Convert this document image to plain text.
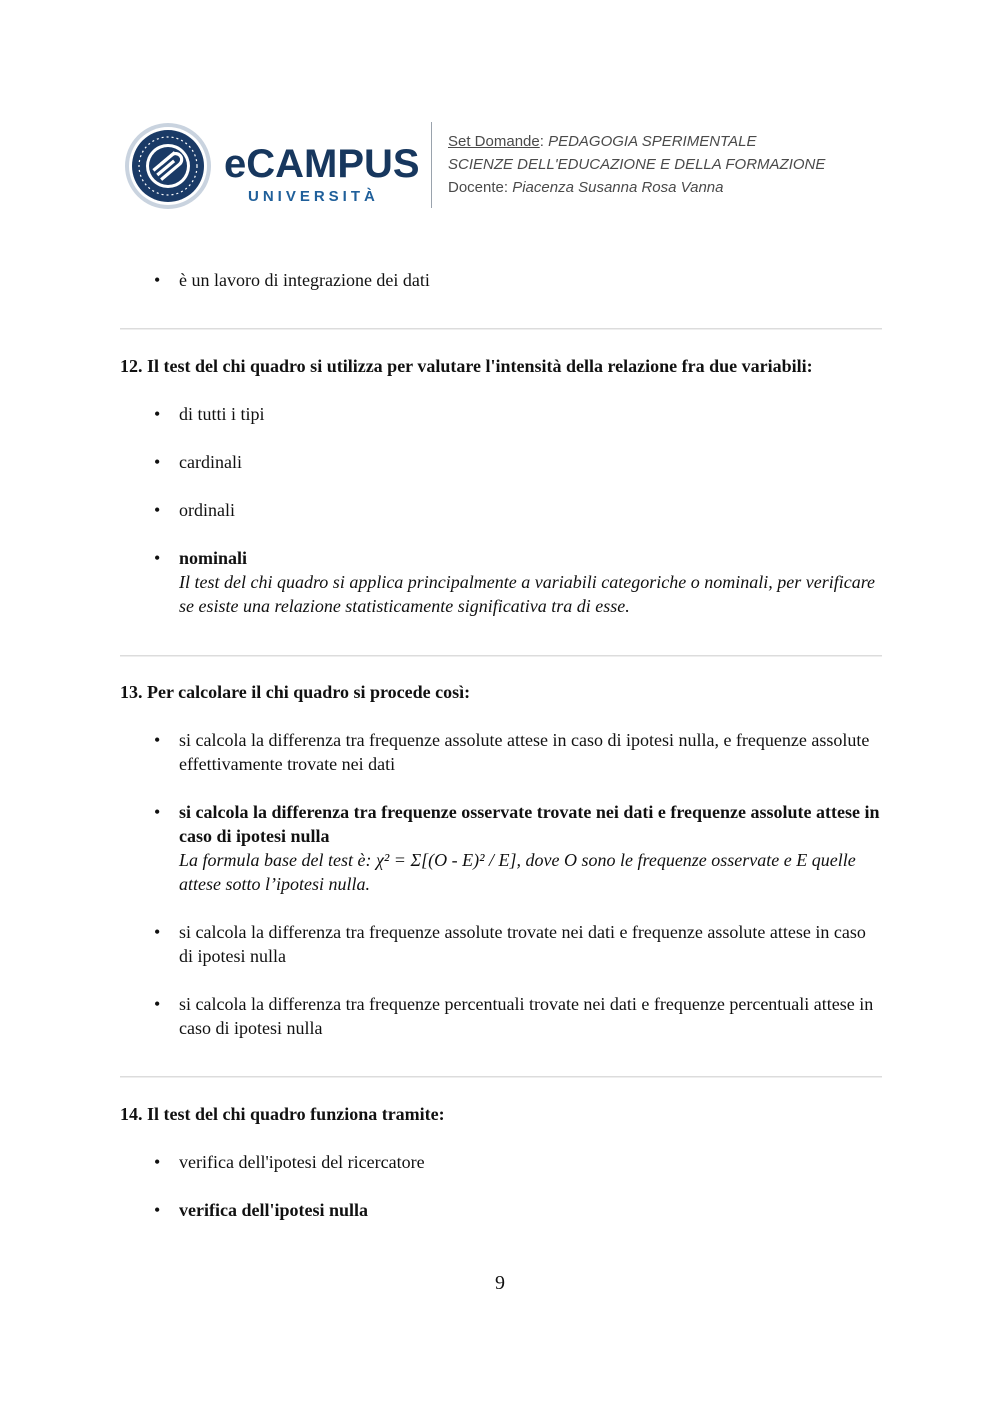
eCAMPUS
UNIVERSITÀ
Set Domande: PEDAGOGIA SPERIMENTALE
SCIENZE DELL'EDUCAZIONE E DELLA FORMAZIONE
Docente: Piacenza Susanna Rosa Vanna
• è un lavoro di integrazione dei dati

12. Il test del chi quadro si utilizza per valutare l'intensità della relazione fra due variabili:

• di tutti i tipi
• cardinali
• ordinali
• nominali
Il test del chi quadro si applica principalmente a variabili categoriche o nominali, per verificare se esiste una relazione statisticamente significativa tra di esse.

13. Per calcolare il chi quadro si procede così:

• si calcola la differenza tra frequenze assolute attese in caso di ipotesi nulla, e frequenze assolute effettivamente trovate nei dati
• si calcola la differenza tra frequenze osservate trovate nei dati e frequenze assolute attese in caso di ipotesi nulla
La formula base del test è: χ² = Σ[(O - E)² / E], dove O sono le frequenze osservate e E quelle attese sotto l’ipotesi nulla.
• si calcola la differenza tra frequenze assolute trovate nei dati e frequenze assolute attese in caso di ipotesi nulla
• si calcola la differenza tra frequenze percentuali trovate nei dati e frequenze percentuali attese in caso di ipotesi nulla

14. Il test del chi quadro funziona tramite:

• verifica dell'ipotesi del ricercatore
• verifica dell'ipotesi nulla
9
